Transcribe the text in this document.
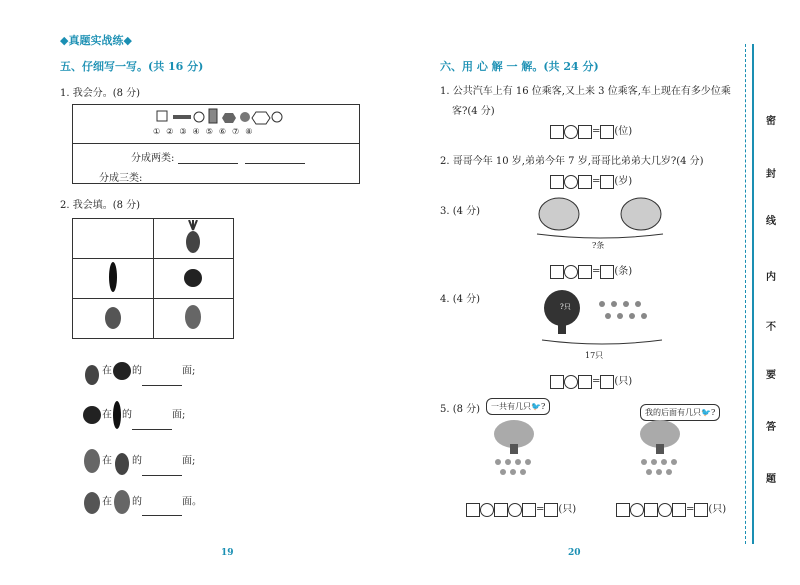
◆真题实战练◆
五、仔细写一写。(共 16 分)
1. 我会分。(8 分)
①②③④⑤⑥⑦⑧
分成两类:
分成三类:
2. 我会填。(8 分)

在 的	面;
在 的	面;
在 的	面;
在 的	面。
19
六、用 心 解 一 解。(共 24 分)
1. 公共汽车上有 16 位乘客,又上来 3 位乘客,车上现在有多少位乘
客?(4 分)
= (位)
2. 哥哥今年 10 岁,弟弟今年 7 岁,哥哥比弟弟大几岁?(4 分)
= (岁)
3. (4 分)
?条
= (条)
4. (4 分)
?只
17只
= (只)
5. (8 分)	一共有几只🐦?
我的后面有几只🐦?
= (只)	= (只)
20
密
封
线
内
不
要
答
题
